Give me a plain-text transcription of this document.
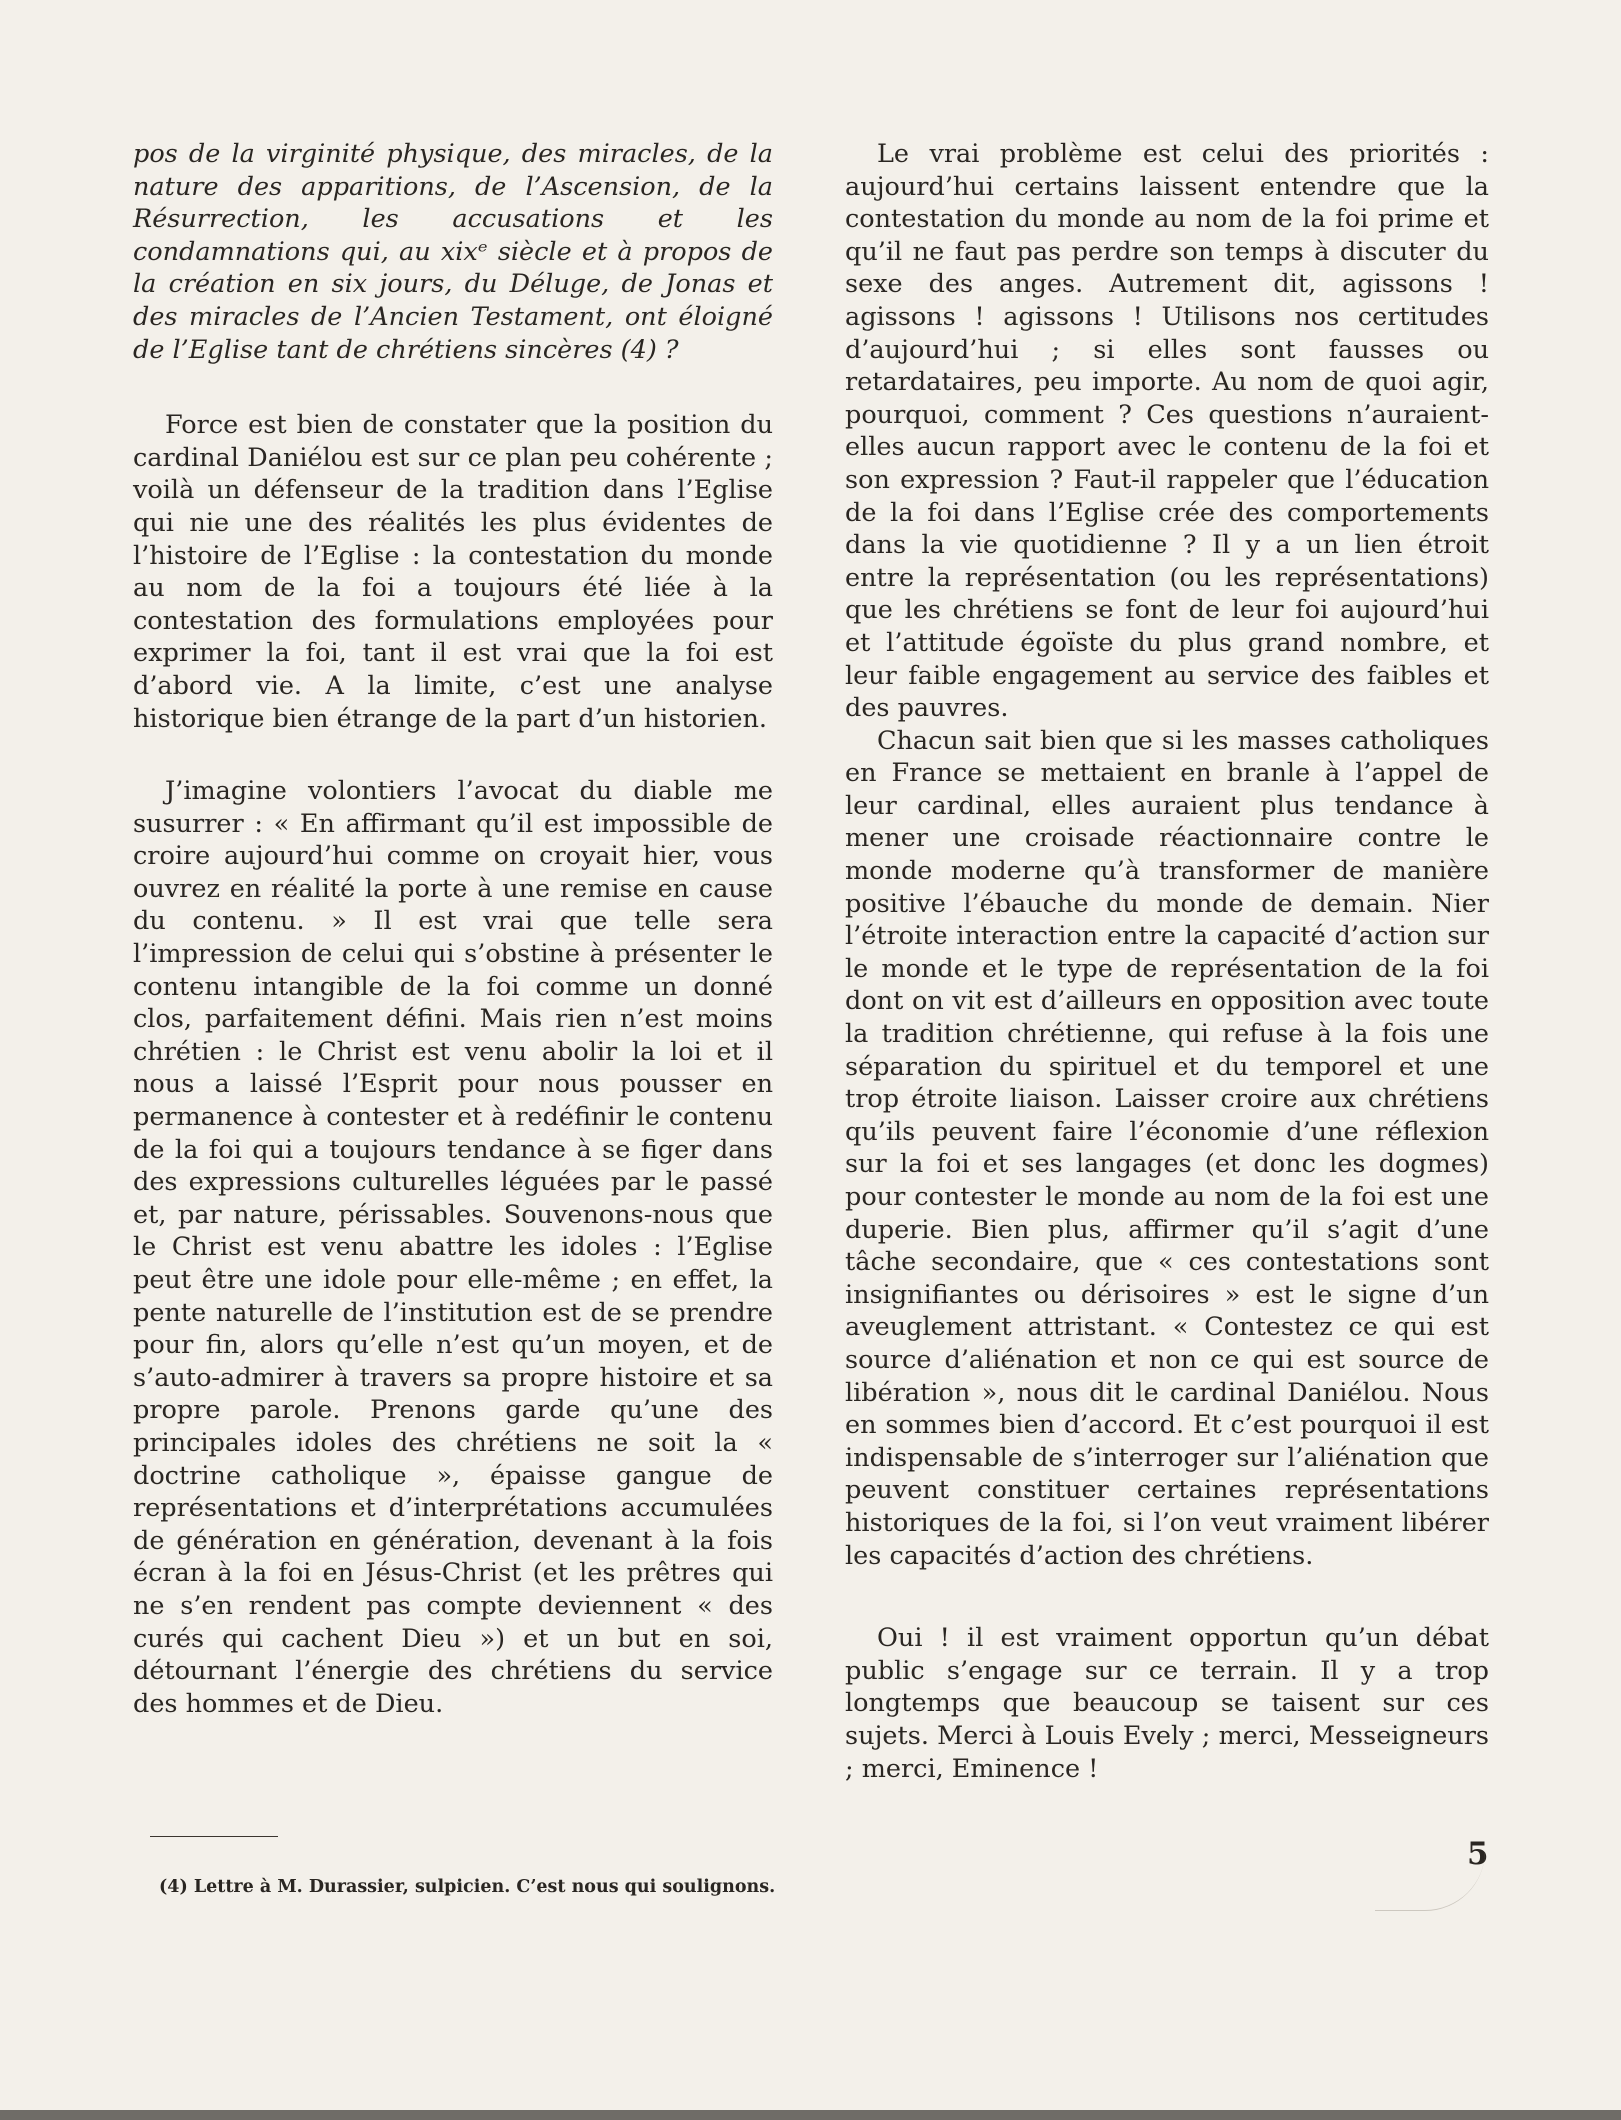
pos de la virginité physique, des miracles, de la nature des apparitions, de l’Ascension, de la Résurrection, les accusations et les condamnations qui, au xixᵉ siècle et à propos de la création en six jours, du Déluge, de Jonas et des miracles de l’Ancien Testament, ont éloigné de l’Eglise tant de chrétiens sincères (4) ?

Force est bien de constater que la position du cardinal Daniélou est sur ce plan peu cohérente ; voilà un défenseur de la tradition dans l’Eglise qui nie une des réalités les plus évidentes de l’histoire de l’Eglise : la contestation du monde au nom de la foi a toujours été liée à la contestation des formulations employées pour exprimer la foi, tant il est vrai que la foi est d’abord vie. A la limite, c’est une analyse historique bien étrange de la part d’un historien.

J’imagine volontiers l’avocat du diable me susurrer : « En affirmant qu’il est impossible de croire aujourd’hui comme on croyait hier, vous ouvrez en réalité la porte à une remise en cause du contenu. » Il est vrai que telle sera l’impression de celui qui s’obstine à présenter le contenu intangible de la foi comme un donné clos, parfaitement défini. Mais rien n’est moins chrétien : le Christ est venu abolir la loi et il nous a laissé l’Esprit pour nous pousser en permanence à contester et à redéfinir le contenu de la foi qui a toujours tendance à se figer dans des expressions culturelles léguées par le passé et, par nature, périssables. Souvenons-nous que le Christ est venu abattre les idoles : l’Eglise peut être une idole pour elle-même ; en effet, la pente naturelle de l’institution est de se prendre pour fin, alors qu’elle n’est qu’un moyen, et de s’auto-admirer à travers sa propre histoire et sa propre parole. Prenons garde qu’une des principales idoles des chrétiens ne soit la « doctrine catholique », épaisse gangue de représentations et d’interprétations accumulées de génération en génération, devenant à la fois écran à la foi en Jésus-Christ (et les prêtres qui ne s’en rendent pas compte deviennent « des curés qui cachent Dieu ») et un but en soi, détournant l’énergie des chrétiens du service des hommes et de Dieu.

(4) Lettre à M. Durassier, sulpicien. C’est nous qui soulignons.

Le vrai problème est celui des priorités : aujourd’hui certains laissent entendre que la contestation du monde au nom de la foi prime et qu’il ne faut pas perdre son temps à discuter du sexe des anges. Autrement dit, agissons ! agissons ! agissons ! Utilisons nos certitudes d’aujourd’hui ; si elles sont fausses ou retardataires, peu importe. Au nom de quoi agir, pourquoi, comment ? Ces questions n’auraient-elles aucun rapport avec le contenu de la foi et son expression ? Faut-il rappeler que l’éducation de la foi dans l’Eglise crée des comportements dans la vie quotidienne ? Il y a un lien étroit entre la représentation (ou les représentations) que les chrétiens se font de leur foi aujourd’hui et l’attitude égoïste du plus grand nombre, et leur faible engagement au service des faibles et des pauvres.

Chacun sait bien que si les masses catholiques en France se mettaient en branle à l’appel de leur cardinal, elles auraient plus tendance à mener une croisade réactionnaire contre le monde moderne qu’à transformer de manière positive l’ébauche du monde de demain. Nier l’étroite interaction entre la capacité d’action sur le monde et le type de représentation de la foi dont on vit est d’ailleurs en opposition avec toute la tradition chrétienne, qui refuse à la fois une séparation du spirituel et du temporel et une trop étroite liaison. Laisser croire aux chrétiens qu’ils peuvent faire l’économie d’une réflexion sur la foi et ses langages (et donc les dogmes) pour contester le monde au nom de la foi est une duperie. Bien plus, affirmer qu’il s’agit d’une tâche secondaire, que « ces contestations sont insignifiantes ou dérisoires » est le signe d’un aveuglement attristant. « Contestez ce qui est source d’aliénation et non ce qui est source de libération », nous dit le cardinal Daniélou. Nous en sommes bien d’accord. Et c’est pourquoi il est indispensable de s’interroger sur l’aliénation que peuvent constituer certaines représentations historiques de la foi, si l’on veut vraiment libérer les capacités d’action des chrétiens.

Oui ! il est vraiment opportun qu’un débat public s’engage sur ce terrain. Il y a trop longtemps que beaucoup se taisent sur ces sujets. Merci à Louis Evely ; merci, Messeigneurs ; merci, Eminence !

5
